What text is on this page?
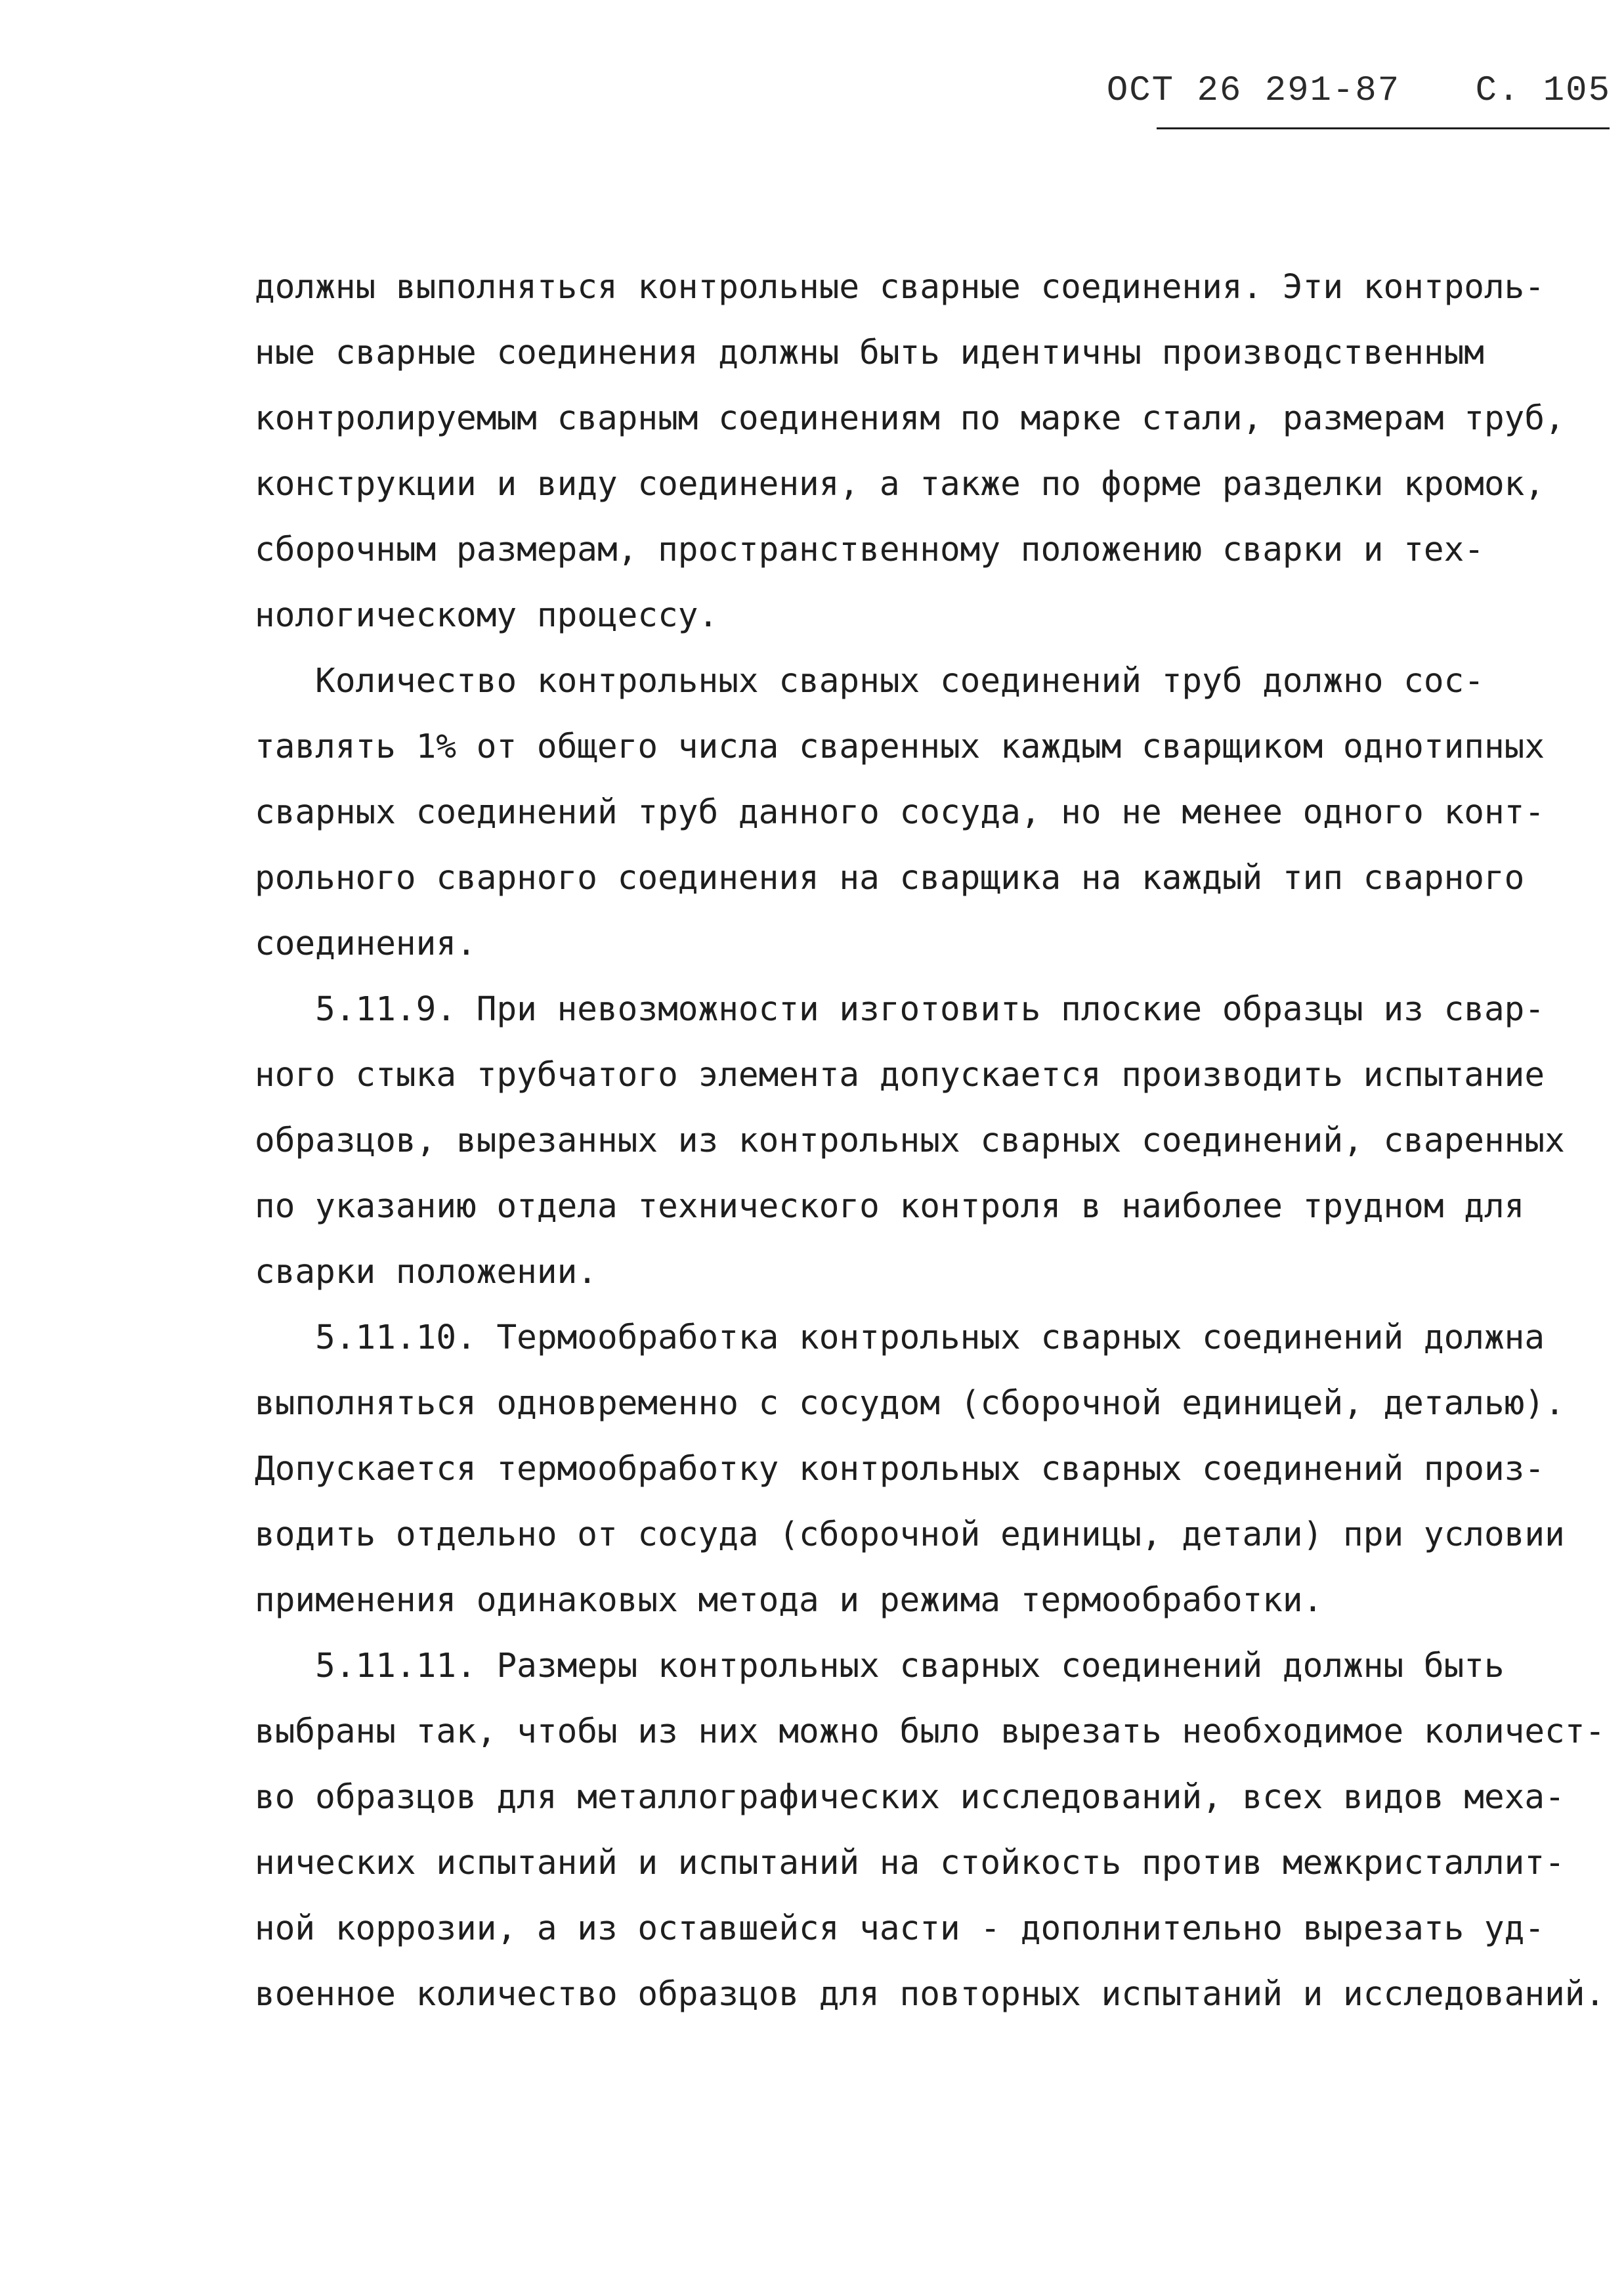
ОСТ 26 291-87 С. 105
должны выполняться контрольные сварные соединения. Эти контроль-
ные сварные соединения должны быть идентичны производственным
контролируемым сварным соединениям по марке стали, размерам труб,
конструкции и виду соединения, а также по форме разделки кромок,
сборочным размерам, пространственному положению сварки и тех-
нологическому процессу.
Количество контрольных сварных соединений труб должно сос-
тавлять 1% от общего числа сваренных каждым сварщиком однотипных
сварных соединений труб данного сосуда, но не менее одного конт-
рольного сварного соединения на сварщика на каждый тип сварного
соединения.
5.11.9. При невозможности изготовить плоские образцы из свар-
ного стыка трубчатого элемента допускается производить испытание
образцов, вырезанных из контрольных сварных соединений, сваренных
по указанию отдела технического контроля в наиболее трудном для
сварки положении.
5.11.10. Термообработка контрольных сварных соединений должна
выполняться одновременно с сосудом (сборочной единицей, деталью).
Допускается термообработку контрольных сварных соединений произ-
водить отдельно от сосуда (сборочной единицы, детали) при условии
применения одинаковых метода и режима термообработки.
5.11.11. Размеры контрольных сварных соединений должны быть
выбраны так, чтобы из них можно было вырезать необходимое количест-
во образцов для металлографических исследований, всех видов меха-
нических испытаний и испытаний на стойкость против межкристаллит-
ной коррозии, а из оставшейся части - дополнительно вырезать уд-
военное количество образцов для повторных испытаний и исследований.
